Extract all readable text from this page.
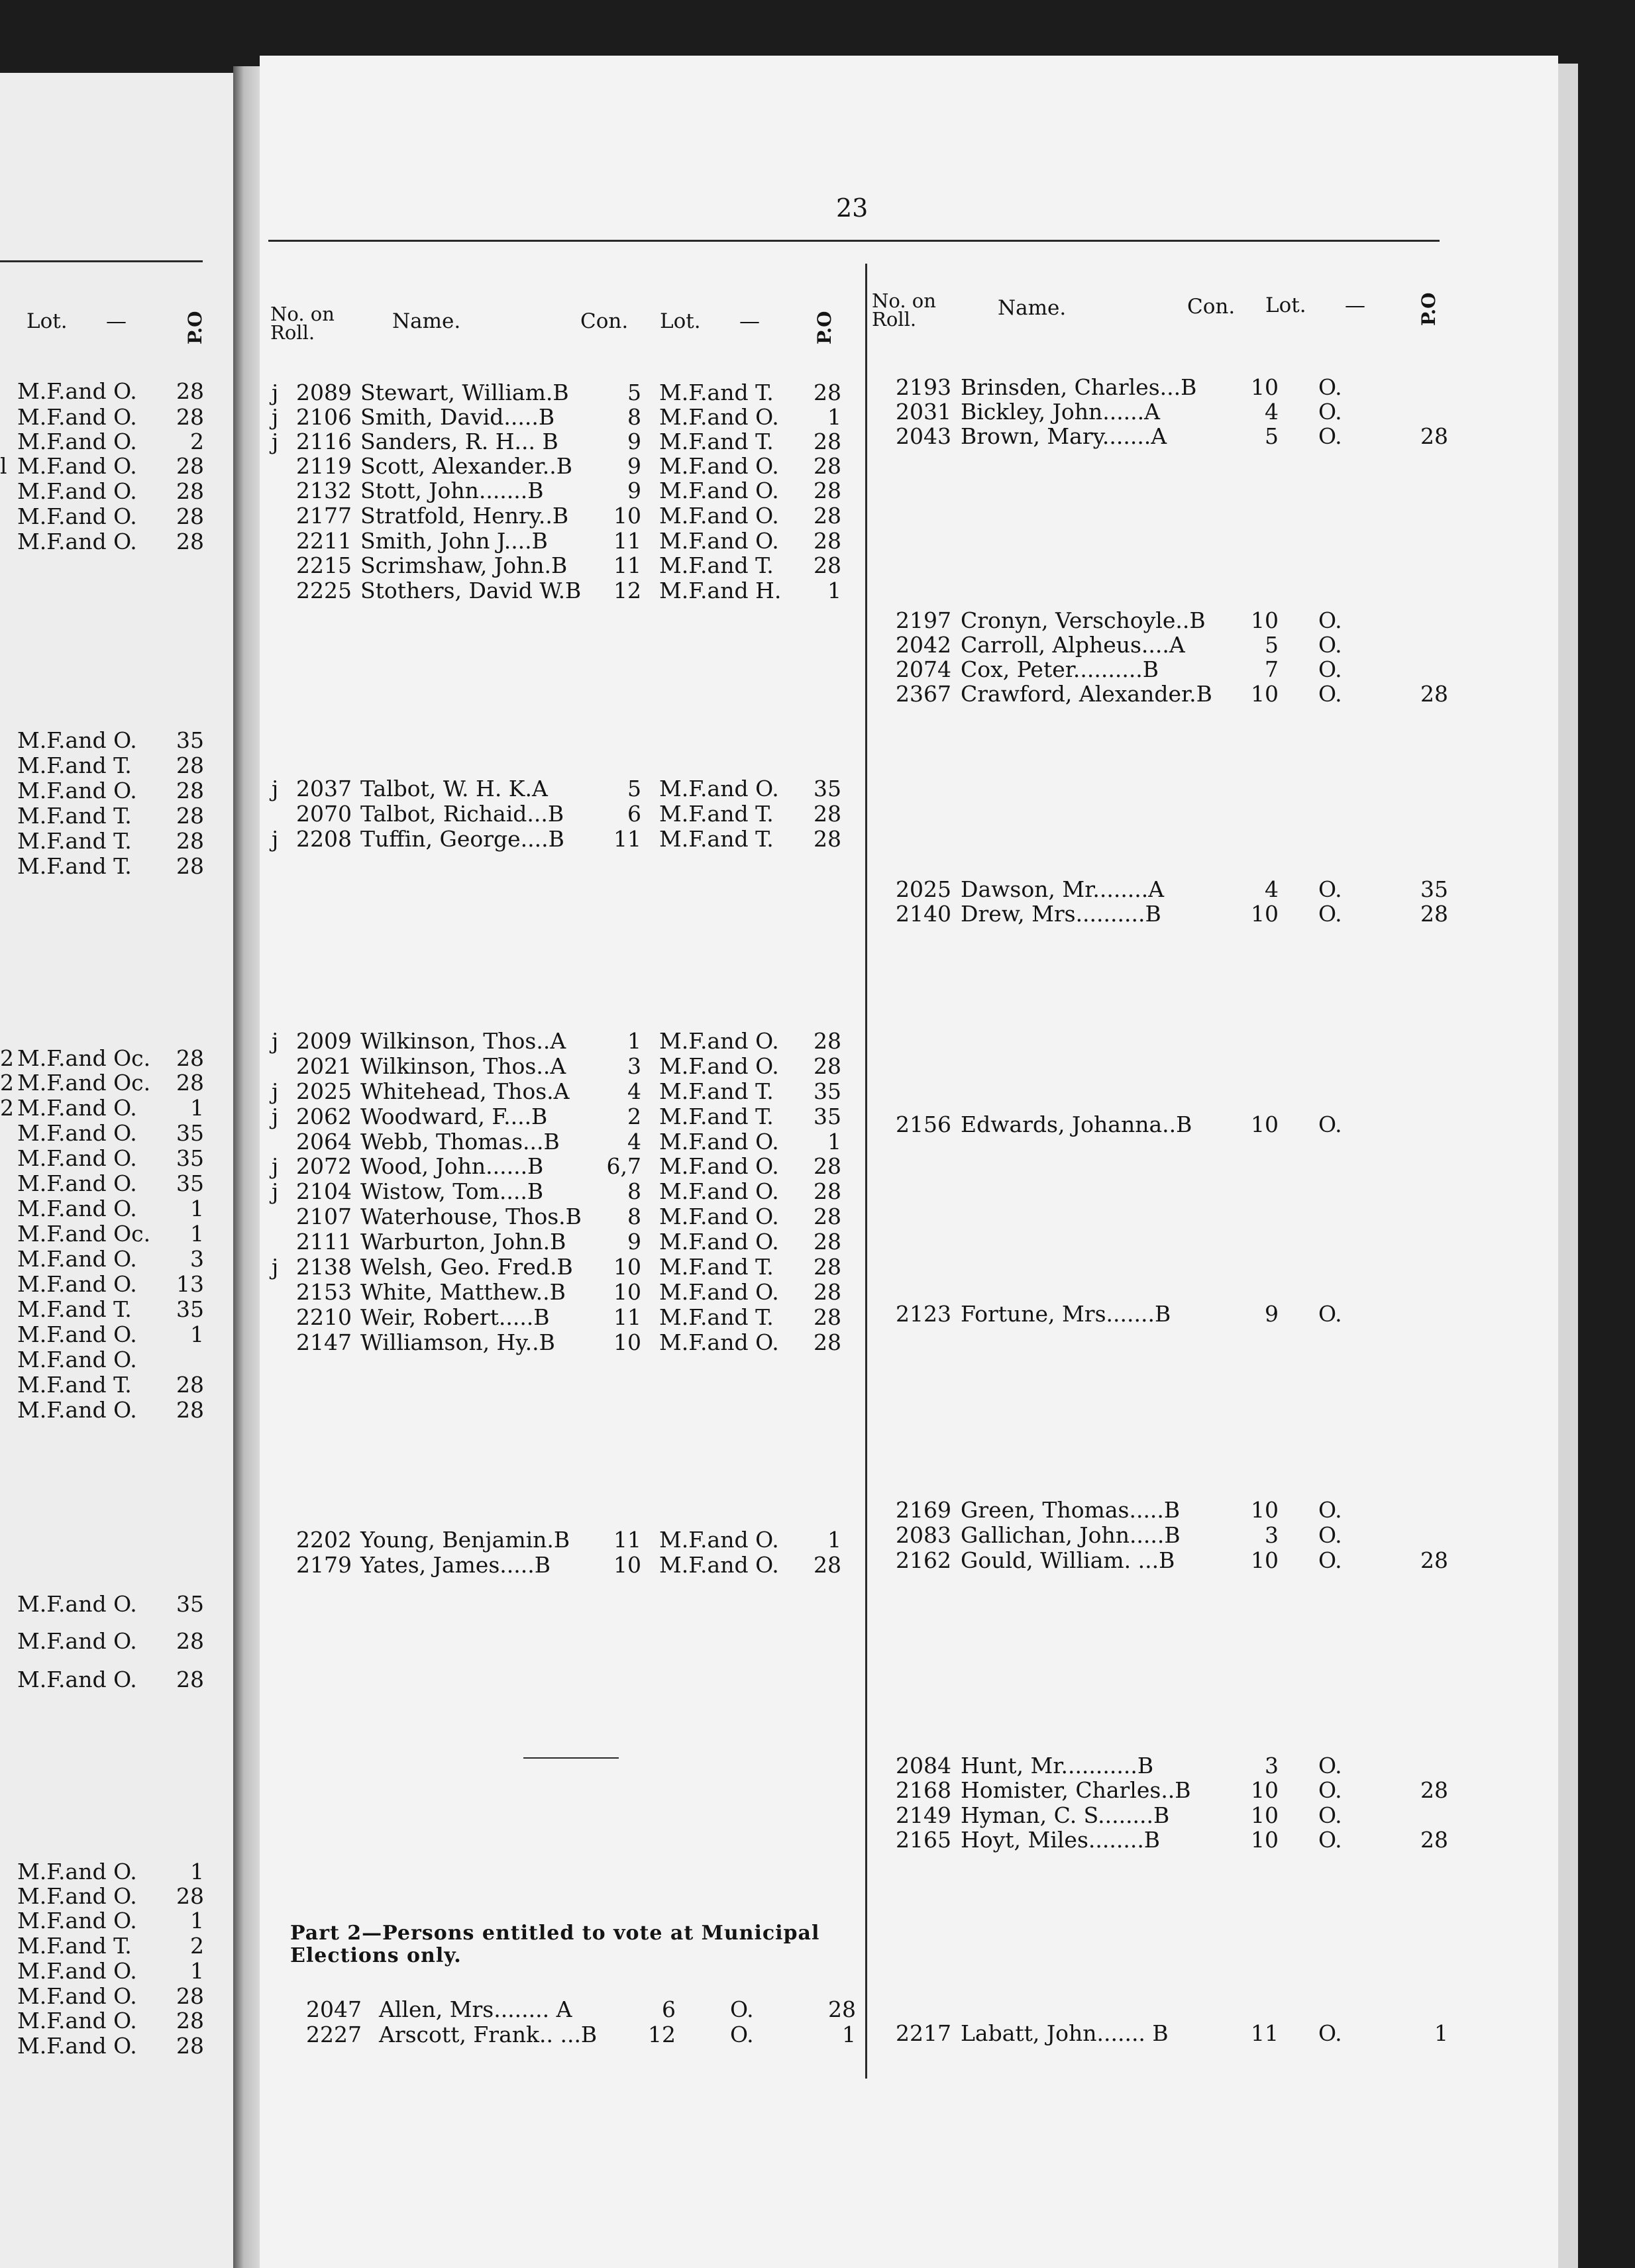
23
Lot. —	P.O	No. on Roll.	Name.	Con. Lot. —	P.O
No. on Roll.	Name.	Con. Lot. —	P.O
Part 2—Persons entitled to vote at Municipal Elections only.
M.F.and O.	28
M.F.and O.	28
M.F.and O.	2
l M.F.and O.	28
M.F.and O.	28
M.F.and O.	28
M.F.and O.	28
M.F.and O.	35
M.F.and T.	28
M.F.and O.	28
M.F.and T.	28
M.F.and T.	28
M.F.and T.	28
2 M.F.and Oc.	28
2 M.F.and Oc.	28
2 M.F.and O.	1
M.F.and O.	35
M.F.and O.	35
M.F.and O.	35
M.F.and O.	1
M.F.and Oc.	1
M.F.and O.	3
M.F.and O.	13
M.F.and T.	35
M.F.and O.	1
M.F.and O.
M.F.and T.	28
M.F.and O.	28
M.F.and O.	35
M.F.and O.	28
M.F.and O.	28
M.F.and O.	1
M.F.and O.	28
M.F.and O.	1
M.F.and T.	2
M.F.and O.	1
M.F.and O.	28
M.F.and O.	28
M.F.and O.	28
j 2089 Stewart, William.B	5 M.F.and T.	28
j 2106 Smith, David.....B	8 M.F.and O.	1
j 2116 Sanders, R. H... B	9 M.F.and T.	28
2119 Scott, Alexander..B	9 M.F.and O.	28
2132 Stott, John.......B	9 M.F.and O.	28
2177 Stratfold, Henry..B	10 M.F.and O.	28
2211 Smith, John J....B	11 M.F.and O.	28
2215 Scrimshaw, John.B	11 M.F.and T.	28
2225 Stothers, David W.B	12 M.F.and H.	1
j 2037 Talbot, W. H. K.A	5 M.F.and O.	35
2070 Talbot, Richaid...B	6 M.F.and T.	28
j 2208 Tuffin, George....B	11 M.F.and T.	28
j 2009 Wilkinson, Thos..A	1 M.F.and O.	28
2021 Wilkinson, Thos..A	3 M.F.and O.	28
j 2025 Whitehead, Thos.A	4 M.F.and T.	35
j 2062 Woodward, F....B	2 M.F.and T.	35
2064 Webb, Thomas...B	4 M.F.and O.	1
j 2072 Wood, John......B	6,7 M.F.and O.	28
j 2104 Wistow, Tom....B	8 M.F.and O.	28
2107 Waterhouse, Thos.B	8 M.F.and O.	28
2111 Warburton, John.B	9 M.F.and O.	28
j 2138 Welsh, Geo. Fred.B	10 M.F.and T.	28
2153 White, Matthew..B	10 M.F.and O.	28
2210 Weir, Robert.....B	11 M.F.and T.	28
2147 Williamson, Hy..B	10 M.F.and O.	28
2202 Young, Benjamin.B	11 M.F.and O.	1
2179 Yates, James.....B	10 M.F.and O.	28
2047 Allen, Mrs........ A	6 O.	28
2227 Arscott, Frank.. ...B	12 O.	1
2193 Brinsden, Charles...B	10 O.
2031 Bickley, John......A	4 O.
2043 Brown, Mary.......A	5 O.	28
2197 Cronyn, Verschoyle..B	10 O.
2042 Carroll, Alpheus....A	5 O.
2074 Cox, Peter..........B	7 O.
2367 Crawford, Alexander.B	10 O.	28
2025 Dawson, Mr........A	4 O.	35
2140 Drew, Mrs..........B	10 O.	28
2156 Edwards, Johanna..B	10 O.
2123 Fortune, Mrs.......B	9 O.
2169 Green, Thomas.....B	10 O.
2083 Gallichan, John.....B	3 O.
2162 Gould, William. ...B	10 O.	28
2084 Hunt, Mr...........B	3 O.
2168 Homister, Charles..B	10 O.	28
2149 Hyman, C. S........B	10 O.
2165 Hoyt, Miles........B	10 O.	28
2217 Labatt, John....... B	11 O.	1
